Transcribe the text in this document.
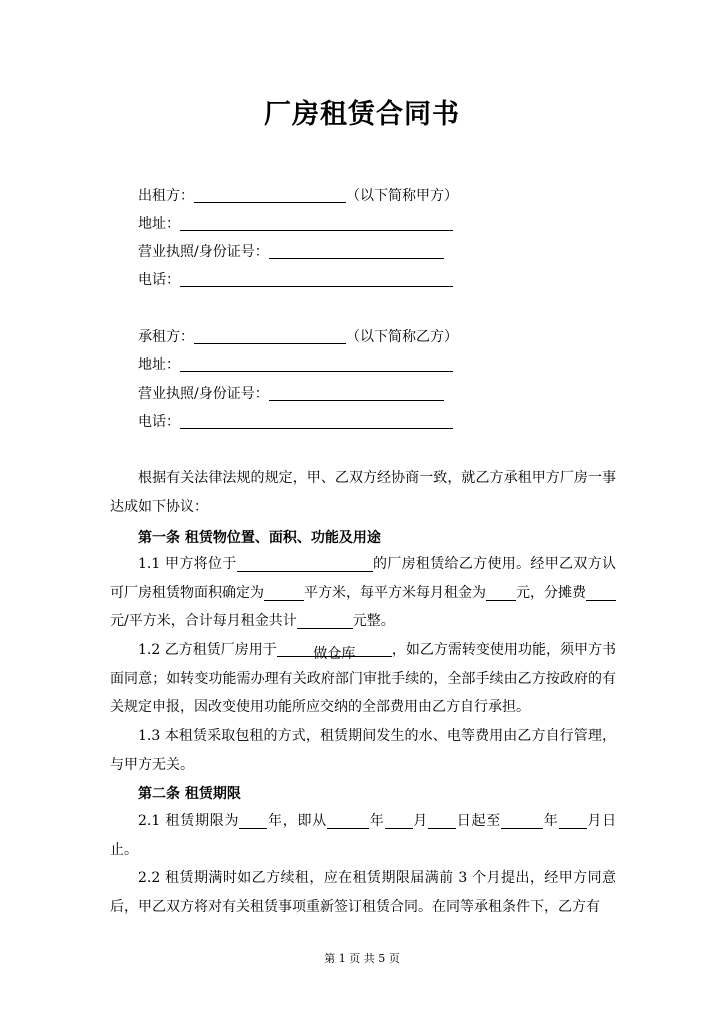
厂房租赁合同书
出租方：	（以下简称甲方）
地址：
营业执照/身份证号：
电话：
承租方：	（以下简称乙方）
地址：
营业执照/身份证号：
电话：
根据有关法律法规的规定，甲、乙双方经协商一致，就乙方承租甲方厂房一事达成如下协议：
第一条 租赁物位置、面积、功能及用途
1.1 甲方将位于	的厂房租赁给乙方使用。经甲乙双方认可厂房租赁物面积确定为	平方米，每平方米每月租金为 元，分摊费元/平方米，合计每月租金共计	元整。
1.2 乙方租赁厂房用于	做仓库	，如乙方需转变使用功能，须甲方书面同意；如转变功能需办理有关政府部门审批手续的，全部手续由乙方按政府的有关规定申报，因改变使用功能所应交纳的全部费用由乙方自行承担。
1.3 本租赁采取包租的方式，租赁期间发生的水、电等费用由乙方自行管理，与甲方无关。
第二条 租赁期限
2.1 租赁期限为 年，即从	年 月 日起至	年 月日止。
2.2 租赁期满时如乙方续租，应在租赁期限届满前 3 个月提出，经甲方同意后，甲乙双方将对有关租赁事项重新签订租赁合同。在同等承租条件下，乙方有
第 1 页 共 5 页
